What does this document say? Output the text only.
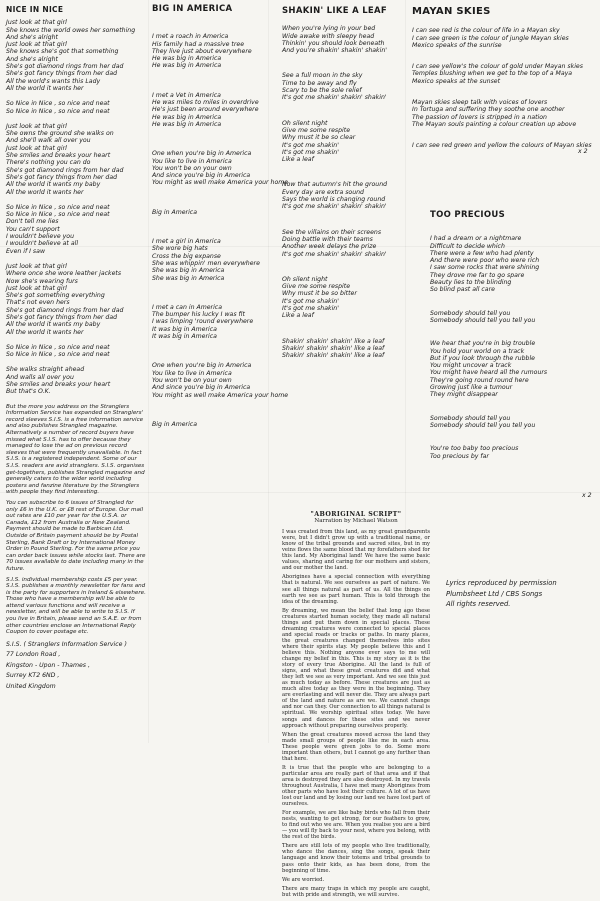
NICE IN NICE
Just look at that girl
She knows the world owes her something
And she's alright
Just look at that girl
She knows she's got that something
And she's alright
She's got diamond rings from her dad
She's got fancy things from her dad
All the world's wants this Lady
All the world it wants her
So Nice in Nice , so nice and neat
So Nice in Nice , so nice and neat
Just look at that girl
She owns the ground she walks on
And she'll walk all over you
Just look at that girl
She smiles and breaks your heart
There's nothing you can do
She's got diamond rings from her dad
She's got fancy things from her dad
All the world it wants my baby
All the world it wants her
So Nice in Nice , so nice and neat
So Nice in Nice , so nice and neat
Don't tell me lies
You can't support
I wouldn't believe you
I wouldn't believe at all
Even if I saw
Just look at that girl
Where once she wore leather jackets
Now she's wearing furs
Just look at that girl
She's got something everything
That's not even hers
She's got diamond rings from her dad
She's got fancy things from her dad
All the world it wants my baby
All the world it wants her
So Nice in Nice , so nice and neat
So Nice in Nice , so nice and neat
She walks straight ahead
And walls all over you
She smiles and breaks your heart
But that's O.K.
But the more you address on the Stranglers Information Service has expanded on Stranglers' record sleeves S.I.S. is a free information service and also publishes Strangled magazine. Alternatively a number of record buyers have missed what S.I.S. has to offer because they managed to lose the ad on previous record sleeves that were frequently unavailable. In fact S.I.S. is a registered independent. Some of our S.I.S. readers are avid stranglers. S.I.S. organises get-togethers, publishes Strangled magazine and generally caters to the wider world including posters and fanzine literature by the Stranglers with people they find interesting.
You can subscribe to 6 issues of Strangled for only £6 in the U.K. or £8 rest of Europe. Our mail out rates are £10 per year for the U.S.A. or Canada, £12 from Australia or New Zealand. Payment should be made to Barbican Ltd. Outside of Britain payment should be by Postal Sterling, Bank Draft or by International Money Order in Pound Sterling. For the same price you can order back issues while stocks last. There are 70 issues available to date including many in the future.
S.I.S. individual membership costs £5 per year. S.I.S. publishes a monthly newsletter for fans and is the party for supporters in Ireland & elsewhere. Those who have a membership will be able to attend various functions and will receive a newsletter, and will be able to write to S.I.S. If you live in Britain, please send an S.A.E. or from other countries enclose an International Reply Coupon to cover postage etc.
S.I.S. ( Stranglers Information Service )
77 London Road ,
Kingston - Upon - Thames ,
Surrey KT2 6ND ,
United Kingdom
BIG IN AMERICA
I met a roach in America
His family had a massive tree
They live just about everywhere
He was big in America
He was big in America
I met a Vet in America
He was miles to miles in overdrive
He's just been around everywhere
He was big in America
He was big in America
One when you're big in America
You like to live in America
You won't be on your own
And since you're big in America
You might as well make America your home
Big in America
I met a girl in America
She wore big hats
Cross the big expanse
She was whippin' men everywhere
She was big in America
She was big in America
I met a can in America
The bumper his lucky I was fit
I was limping 'round everywhere
It was big in America
It was big in America
One when you're big in America
You like to live in America
You won't be on your own
And since you're big in America
You might as well make America your home
Big in America
SHAKIN' LIKE A LEAF
When you're lying in your bed
Wide awake with sleepy head
Thinkin' you should look beneath
And you're shakin' shakin' shakin'
See a full moon in the sky
Time to be away and fly
Scary to be the sole relief
It's got me shakin' shakin' shakin'
Oh silent night
Give me some respite
Why must it be so clear
It's got me shakin'
It's got me shakin'
Like a leaf
Now that autumn's hit the ground
Every day are extra sound
Says the world is changing round
It's got me shakin' shakin' shakin'
See the villains on their screens
Doing battle with their teams
Another week delays the prize
It's got me shakin' shakin' shakin'
Oh silent night
Give me some respite
Why must it be so bitter
It's got me shakin'
It's got me shakin'
Like a leaf
Shakin' shakin' shakin' like a leaf
Shakin' shakin' shakin' like a leaf
Shakin' shakin' shakin' like a leaf
MAYAN SKIES
I can see red is the colour of life in a Mayan sky
I can see green is the colour of jungle Mayan skies
Mexico speaks of the sunrise
I can see yellow's the colour of gold under Mayan skies
Temples blushing when we get to the top of a Maya
Mexico speaks at the sunset
Mayan skies sleep talk with voices of lovers
In Tortuga and suffering they soothe one another
The passion of lovers is stripped in a nation
The Mayan souls painting a colour creation up above
I can see red green and yellow the colours of Mayan skies
x 2
TOO PRECIOUS
I had a dream or a nightmare
Difficult to decide which
There were a few who had plenty
And there were poor who were rich
I saw some rocks that were shining
They drove me far to go spare
Beauty lies to the blinding
So blind past all care
Somebody should tell you
Somebody should tell you tell you
We hear that you're in big trouble
You hold your world on a track
But if you look through the rubble
You might uncover a track
You might have heard all the rumours
They're going round round here
Growing just like a tumour
They might disappear
Somebody should tell you
Somebody should tell you tell you
You're too baby too precious
Too precious by far
x 2
Lyrics reproduced by permission
Plumbsheet Ltd / CBS Songs
All rights reserved.
"ABORIGINAL SCRIPT"
Narration by Michael Watson

I was created from this land, as my great grandparents were, but I didn't grow up with a traditional name, or know of the tribal grounds and sacred sites, but in my veins flows the same blood that my forefathers shed for this land. My Aboriginal land! We have the same basic values, sharing and caring for our mothers and sisters, and our mother the land.

Aborigines have a special connection with everything that is natural. We see ourselves as part of nature. We see all things natural as part of us. All the things on earth we see as part human. This is told through the idea of the dreaming.

By dreaming, we mean the belief that long ago these creatures started human society, they made all natural things and put them down in special places. These dreaming creatures were connected to special places and special roads or tracks or paths. In many places, the great creatures changed themselves into sites where their spirits stay. My people believe this and I believe this. Nothing anyone ever says to me will change my belief in this. This is my story as it is the story of every true Aborigine. All the land is full of signs, and what these great creatures did and what they left we see as very important. And we see this just as much today as before. These creatures are just as much alive today as they were in the beginning. They are everlasting and will never die. They are always part of the land and nature as are we. We cannot change and nor can they. Our connection to all things natural is spiritual. We worship spiritual sites today. We have songs and dances for these sites and we never approach without preparing ourselves properly.

When the great creatures moved across the land they made small groups of people like me in each area. These people were given jobs to do. Some more important than others, but I cannot go any further than that here.

It is true that the people who are belonging to a particular area are really part of that area and if that area is destroyed they are also destroyed. In my travels throughout Australia, I have met many Aborigines from other parts who have lost their culture. A lot of us have lost our land and by losing our land we have lost part of ourselves.

For example, we are like baby birds who fall from their nests, wanting to get strong, for our feathers to grow, to find out who we are. When you realise you are a bird — you will fly back to your nest, where you belong, with the rest of the birds.

There are still lots of my people who live traditionally, who dance the dances, sing the songs, speak their language and know their totems and tribal grounds to pass onto their kids, as has been done, from the beginning of time.

We are worried.

There are many traps in which my people are caught, but with pride and strength, we will survive.
